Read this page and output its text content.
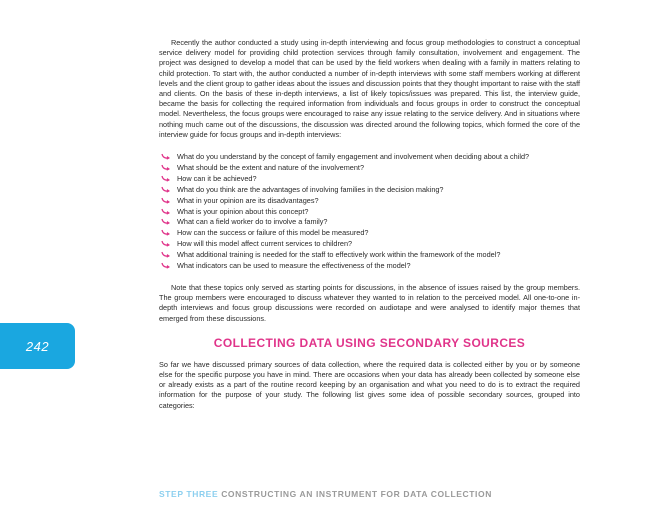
242

Recently the author conducted a study using in-depth interviewing and focus group methodologies to construct a conceptual service delivery model for providing child protection services through family consultation, involvement and engagement. The project was designed to develop a model that can be used by the field workers when dealing with a family in matters relating to child protection. To start with, the author conducted a number of in-depth interviews with some staff members working at different levels and the client group to gather ideas about the issues and discussion points that they thought important to raise with the staff and clients. On the basis of these in-depth interviews, a list of likely topics/issues was prepared. This list, the interview guide, became the basis for collecting the required information from individuals and focus groups in order to construct the conceptual model. Nevertheless, the focus groups were encouraged to raise any issue relating to the service delivery. And in situations where nothing much came out of the discussions, the discussion was directed around the following topics, which formed the core of the interview guide for focus groups and in-depth interviews:

What do you understand by the concept of family engagement and involvement when deciding about a child?
What should be the extent and nature of the involvement?
How can it be achieved?
What do you think are the advantages of involving families in the decision making?
What in your opinion are its disadvantages?
What is your opinion about this concept?
What can a field worker do to involve a family?
How can the success or failure of this model be measured?
How will this model affect current services to children?
What additional training is needed for the staff to effectively work within the framework of the model?
What indicators can be used to measure the effectiveness of the model?

Note that these topics only served as starting points for discussions, in the absence of issues raised by the group members. The group members were encouraged to discuss whatever they wanted to in relation to the perceived model. All one-to-one in-depth interviews and focus group discussions were recorded on audiotape and were analysed to identify major themes that emerged from these discussions.

COLLECTING DATA USING SECONDARY SOURCES

So far we have discussed primary sources of data collection, where the required data is collected either by you or by someone else for the specific purpose you have in mind. There are occasions when your data has already been collected by someone else or already exists as a part of the routine record keeping by an organisation and what you need to do is to extract the required information for the purpose of your study. The following list gives some idea of possible secondary sources, grouped into categories:

STEP THREE CONSTRUCTING AN INSTRUMENT FOR DATA COLLECTION
